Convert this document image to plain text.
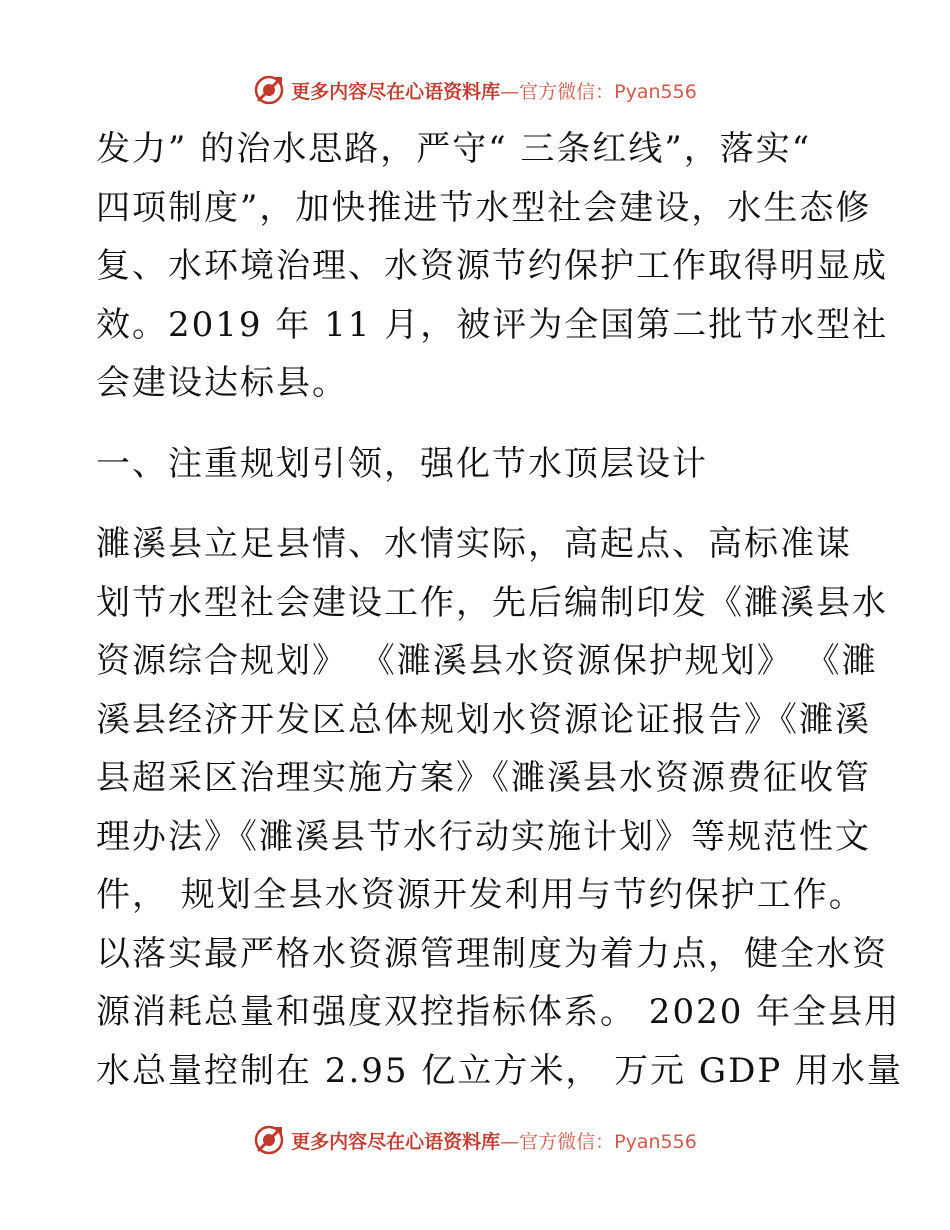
更多内容尽在心语资料库—官方微信：Pyan556
发力” 的治水思路，严守“ 三条红线”，落实“
四项制度”，加快推进节水型社会建设，水生态修
复、水环境治理、水资源节约保护工作取得明显成
效。2019 年 11 月，被评为全国第二批节水型社
会建设达标县。
一、注重规划引领，强化节水顶层设计
濉溪县立足县情、水情实际，高起点、高标准谋
划节水型社会建设工作，先后编制印发《濉溪县水
资源综合规划》 《濉溪县水资源保护规划》 《濉
溪县经济开发区总体规划水资源论证报告》《濉溪
县超采区治理实施方案》《濉溪县水资源费征收管
理办法》《濉溪县节水行动实施计划》等规范性文
件， 规划全县水资源开发利用与节约保护工作。
以落实最严格水资源管理制度为着力点，健全水资
源消耗总量和强度双控指标体系。 2020 年全县用
水总量控制在 2.95 亿立方米， 万元 GDP 用水量
更多内容尽在心语资料库—官方微信：Pyan556
